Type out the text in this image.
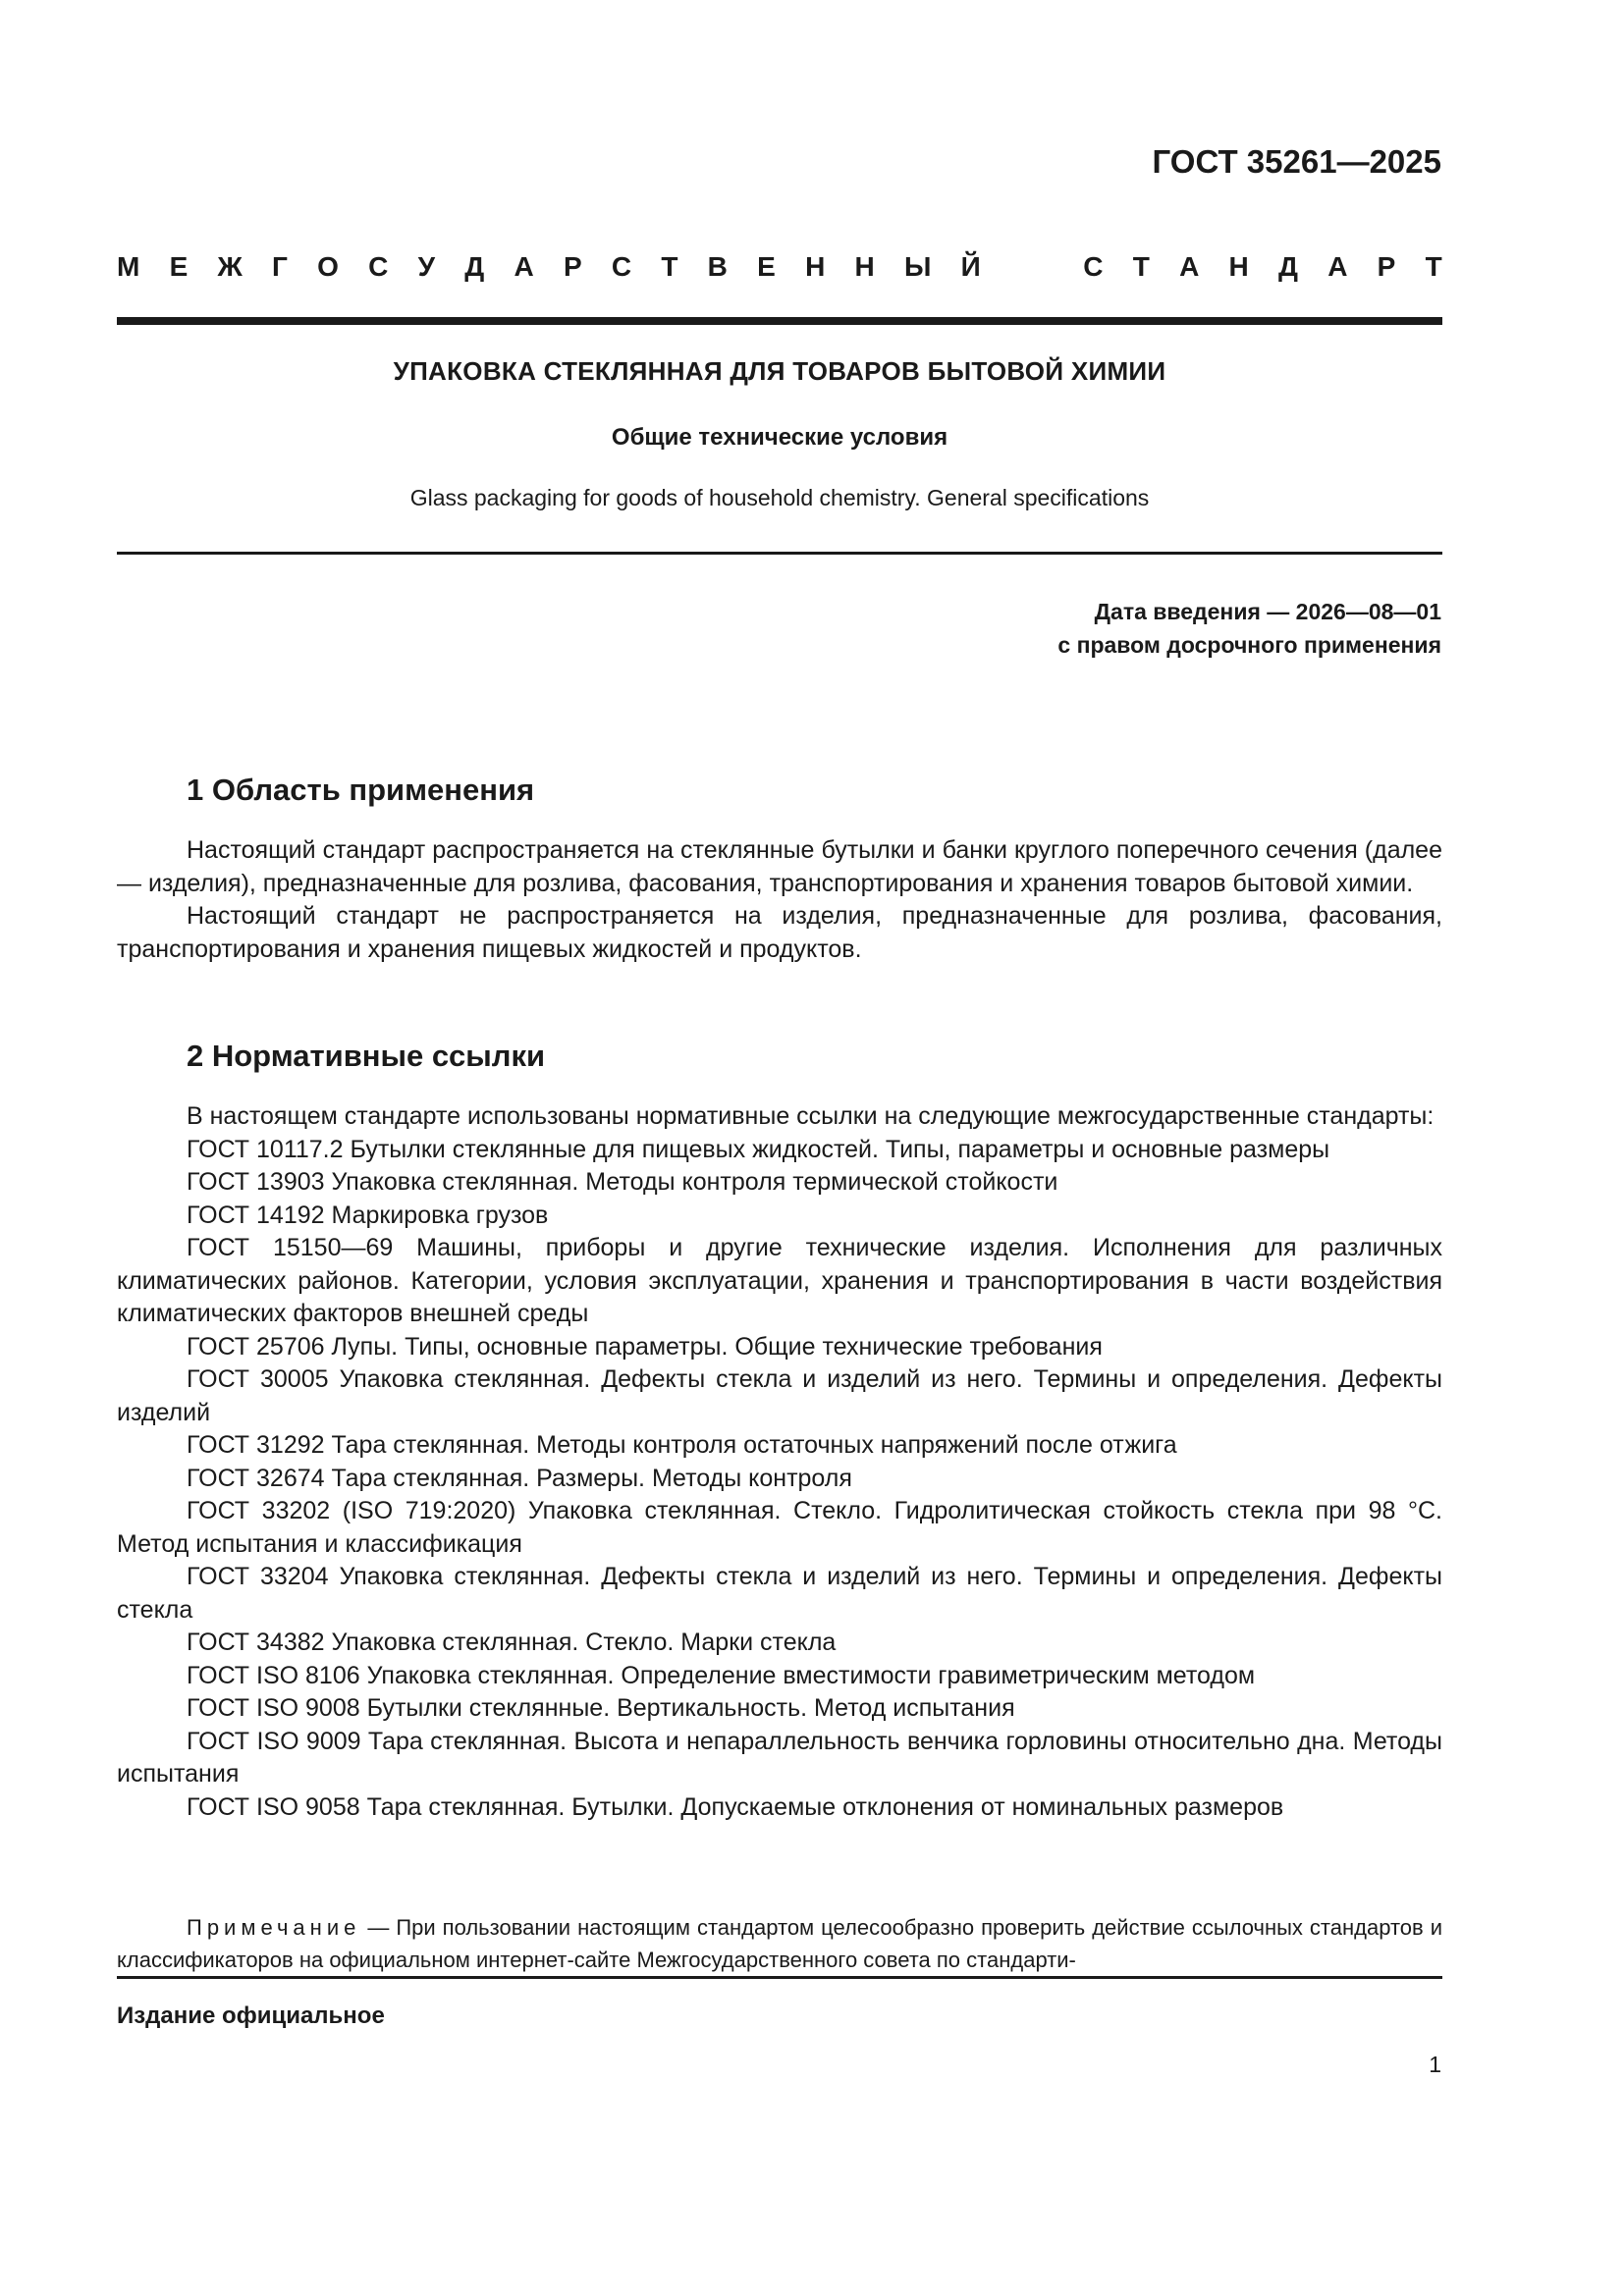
ГОСТ 35261—2025
М Е Ж Г О С У Д А Р С Т В Е Н Н Ы Й	С Т А Н Д А Р Т
УПАКОВКА СТЕКЛЯННАЯ ДЛЯ ТОВАРОВ БЫТОВОЙ ХИМИИ
Общие технические условия
Glass packaging for goods of household chemistry. General specifications
Дата введения — 2026—08—01
с правом досрочного применения
1 Область применения

Настоящий стандарт распространяется на стеклянные бутылки и банки круглого поперечного сечения (далее — изделия), предназначенные для розлива, фасования, транспортирования и хранения товаров бытовой химии.

Настоящий стандарт не распространяется на изделия, предназначенные для розлива, фасования, транспортирования и хранения пищевых жидкостей и продуктов.

2 Нормативные ссылки

В настоящем стандарте использованы нормативные ссылки на следующие межгосударственные стандарты:

ГОСТ 10117.2 Бутылки стеклянные для пищевых жидкостей. Типы, параметры и основные размеры

ГОСТ 13903 Упаковка стеклянная. Методы контроля термической стойкости

ГОСТ 14192 Маркировка грузов

ГОСТ 15150—69 Машины, приборы и другие технические изделия. Исполнения для различных климатических районов. Категории, условия эксплуатации, хранения и транспортирования в части воздействия климатических факторов внешней среды

ГОСТ 25706 Лупы. Типы, основные параметры. Общие технические требования

ГОСТ 30005 Упаковка стеклянная. Дефекты стекла и изделий из него. Термины и определения. Дефекты изделий

ГОСТ 31292 Тара стеклянная. Методы контроля остаточных напряжений после отжига

ГОСТ 32674 Тара стеклянная. Размеры. Методы контроля

ГОСТ 33202 (ISO 719:2020) Упаковка стеклянная. Стекло. Гидролитическая стойкость стекла при 98 °С. Метод испытания и классификация

ГОСТ 33204 Упаковка стеклянная. Дефекты стекла и изделий из него. Термины и определения. Дефекты стекла

ГОСТ 34382 Упаковка стеклянная. Стекло. Марки стекла

ГОСТ ISO 8106 Упаковка стеклянная. Определение вместимости гравиметрическим методом

ГОСТ ISO 9008 Бутылки стеклянные. Вертикальность. Метод испытания

ГОСТ ISO 9009 Тара стеклянная. Высота и непараллельность венчика горловины относительно дна. Методы испытания

ГОСТ ISO 9058 Тара стеклянная. Бутылки. Допускаемые отклонения от номинальных размеров

Примечание — При пользовании настоящим стандартом целесообразно проверить действие ссылочных стандартов и классификаторов на официальном интернет-сайте Межгосударственного совета по стандарти-

Издание официальное
1
